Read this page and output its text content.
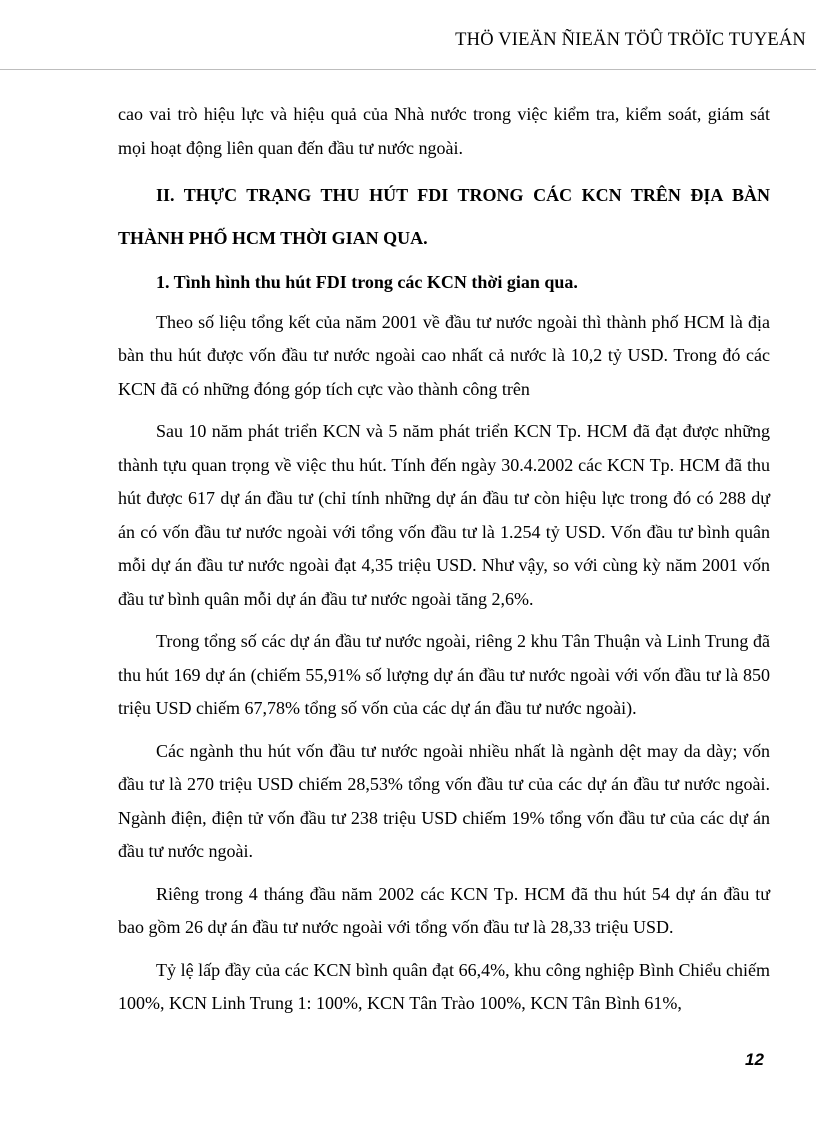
THÖ VIEÄN ÑIEÄN TÖÛ TRÖÏC TUYEÁN

cao vai trò hiệu lực và hiệu quả của Nhà nước trong việc kiểm tra, kiểm soát, giám sát mọi hoạt động liên quan đến đầu tư nước ngoài.

II. THỰC TRẠNG THU HÚT FDI TRONG CÁC KCN TRÊN ĐỊA BÀN THÀNH PHỐ HCM THỜI GIAN QUA.
1. Tình hình thu hút FDI trong các KCN thời gian qua.

Theo số liệu tổng kết của năm 2001 về đầu tư nước ngoài thì thành phố HCM là địa bàn thu hút được vốn đầu tư nước ngoài cao nhất cả nước là 10,2 tỷ USD. Trong đó các KCN đã có những đóng góp tích cực vào thành công trên

Sau 10 năm phát triển KCN và 5 năm phát triển KCN Tp. HCM đã đạt được những thành tựu quan trọng về việc thu hút. Tính đến ngày 30.4.2002 các KCN Tp. HCM đã thu hút được 617 dự án đầu tư (chỉ tính những dự án đầu tư còn hiệu lực trong đó có 288 dự án có vốn đầu tư nước ngoài với tổng vốn đầu tư là 1.254 tỷ USD. Vốn đầu tư bình quân mỗi dự án đầu tư nước ngoài đạt 4,35 triệu USD. Như vậy, so với cùng kỳ năm 2001 vốn đầu tư bình quân mỗi dự án đầu tư nước ngoài tăng 2,6%.

Trong tổng số các dự án đầu tư nước ngoài, riêng 2 khu Tân Thuận và Linh Trung đã thu hút 169 dự án (chiếm 55,91% số lượng dự án đầu tư nước ngoài với vốn đầu tư là 850 triệu USD chiếm 67,78% tổng số vốn của các dự án đầu tư nước ngoài).

Các ngành thu hút vốn đầu tư nước ngoài nhiều nhất là ngành dệt may da dày; vốn đầu tư là 270 triệu USD chiếm 28,53% tổng vốn đầu tư của các dự án đầu tư nước ngoài. Ngành điện, điện tử vốn đầu tư 238 triệu USD chiếm 19% tổng vốn đầu tư của các dự án đầu tư nước ngoài.

Riêng trong 4 tháng đầu năm 2002 các KCN Tp. HCM đã thu hút 54 dự án đầu tư bao gồm 26 dự án đầu tư nước ngoài với tổng vốn đầu tư là 28,33 triệu USD.

Tỷ lệ lấp đầy của các KCN bình quân đạt 66,4%, khu công nghiệp Bình Chiểu chiếm 100%, KCN Linh Trung 1: 100%, KCN Tân Trào 100%, KCN Tân Bình 61%,

12
